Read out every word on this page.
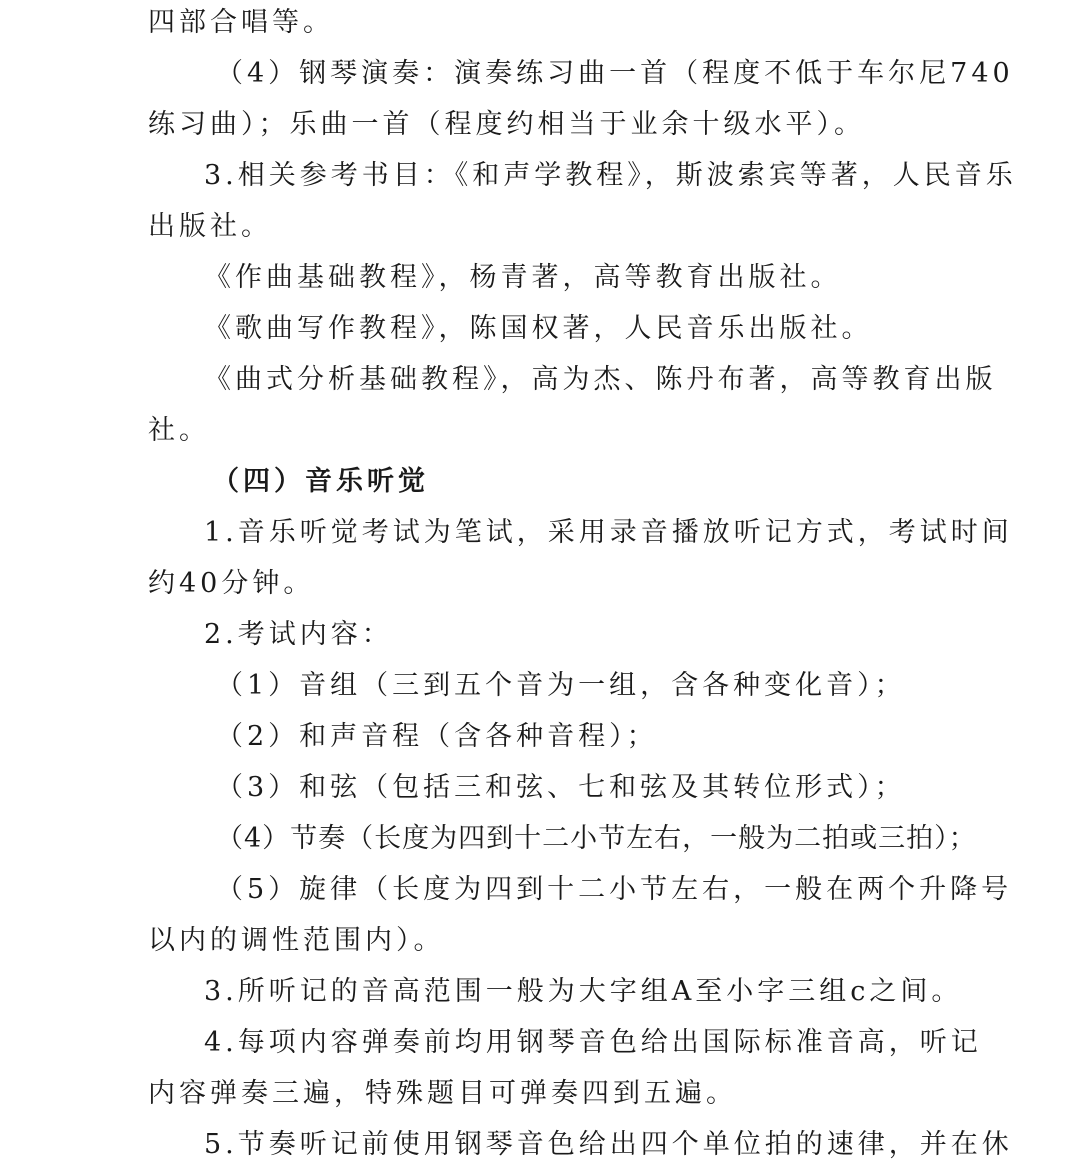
四部合唱等。
（4）钢琴演奏：演奏练习曲一首（程度不低于车尔尼740
练习曲）；乐曲一首（程度约相当于业余十级水平）。
3.相关参考书目：《和声学教程》，斯波索宾等著，人民音乐
出版社。
《作曲基础教程》，杨青著，高等教育出版社。
《歌曲写作教程》，陈国权著，人民音乐出版社。
《曲式分析基础教程》，高为杰、陈丹布著，高等教育出版
社。
（四）音乐听觉
1.音乐听觉考试为笔试，采用录音播放听记方式，考试时间
约40分钟。
2.考试内容：
（1）音组（三到五个音为一组，含各种变化音）；
（2）和声音程（含各种音程）；
（3）和弦（包括三和弦、七和弦及其转位形式）；
（4）节奏（长度为四到十二小节左右，一般为二拍或三拍）；
（5）旋律（长度为四到十二小节左右，一般在两个升降号
以内的调性范围内）。
3.所听记的音高范围一般为大字组A至小字三组c之间。
4.每项内容弹奏前均用钢琴音色给出国际标准音高，听记
内容弹奏三遍，特殊题目可弹奏四到五遍。
5.节奏听记前使用钢琴音色给出四个单位拍的速律，并在休
